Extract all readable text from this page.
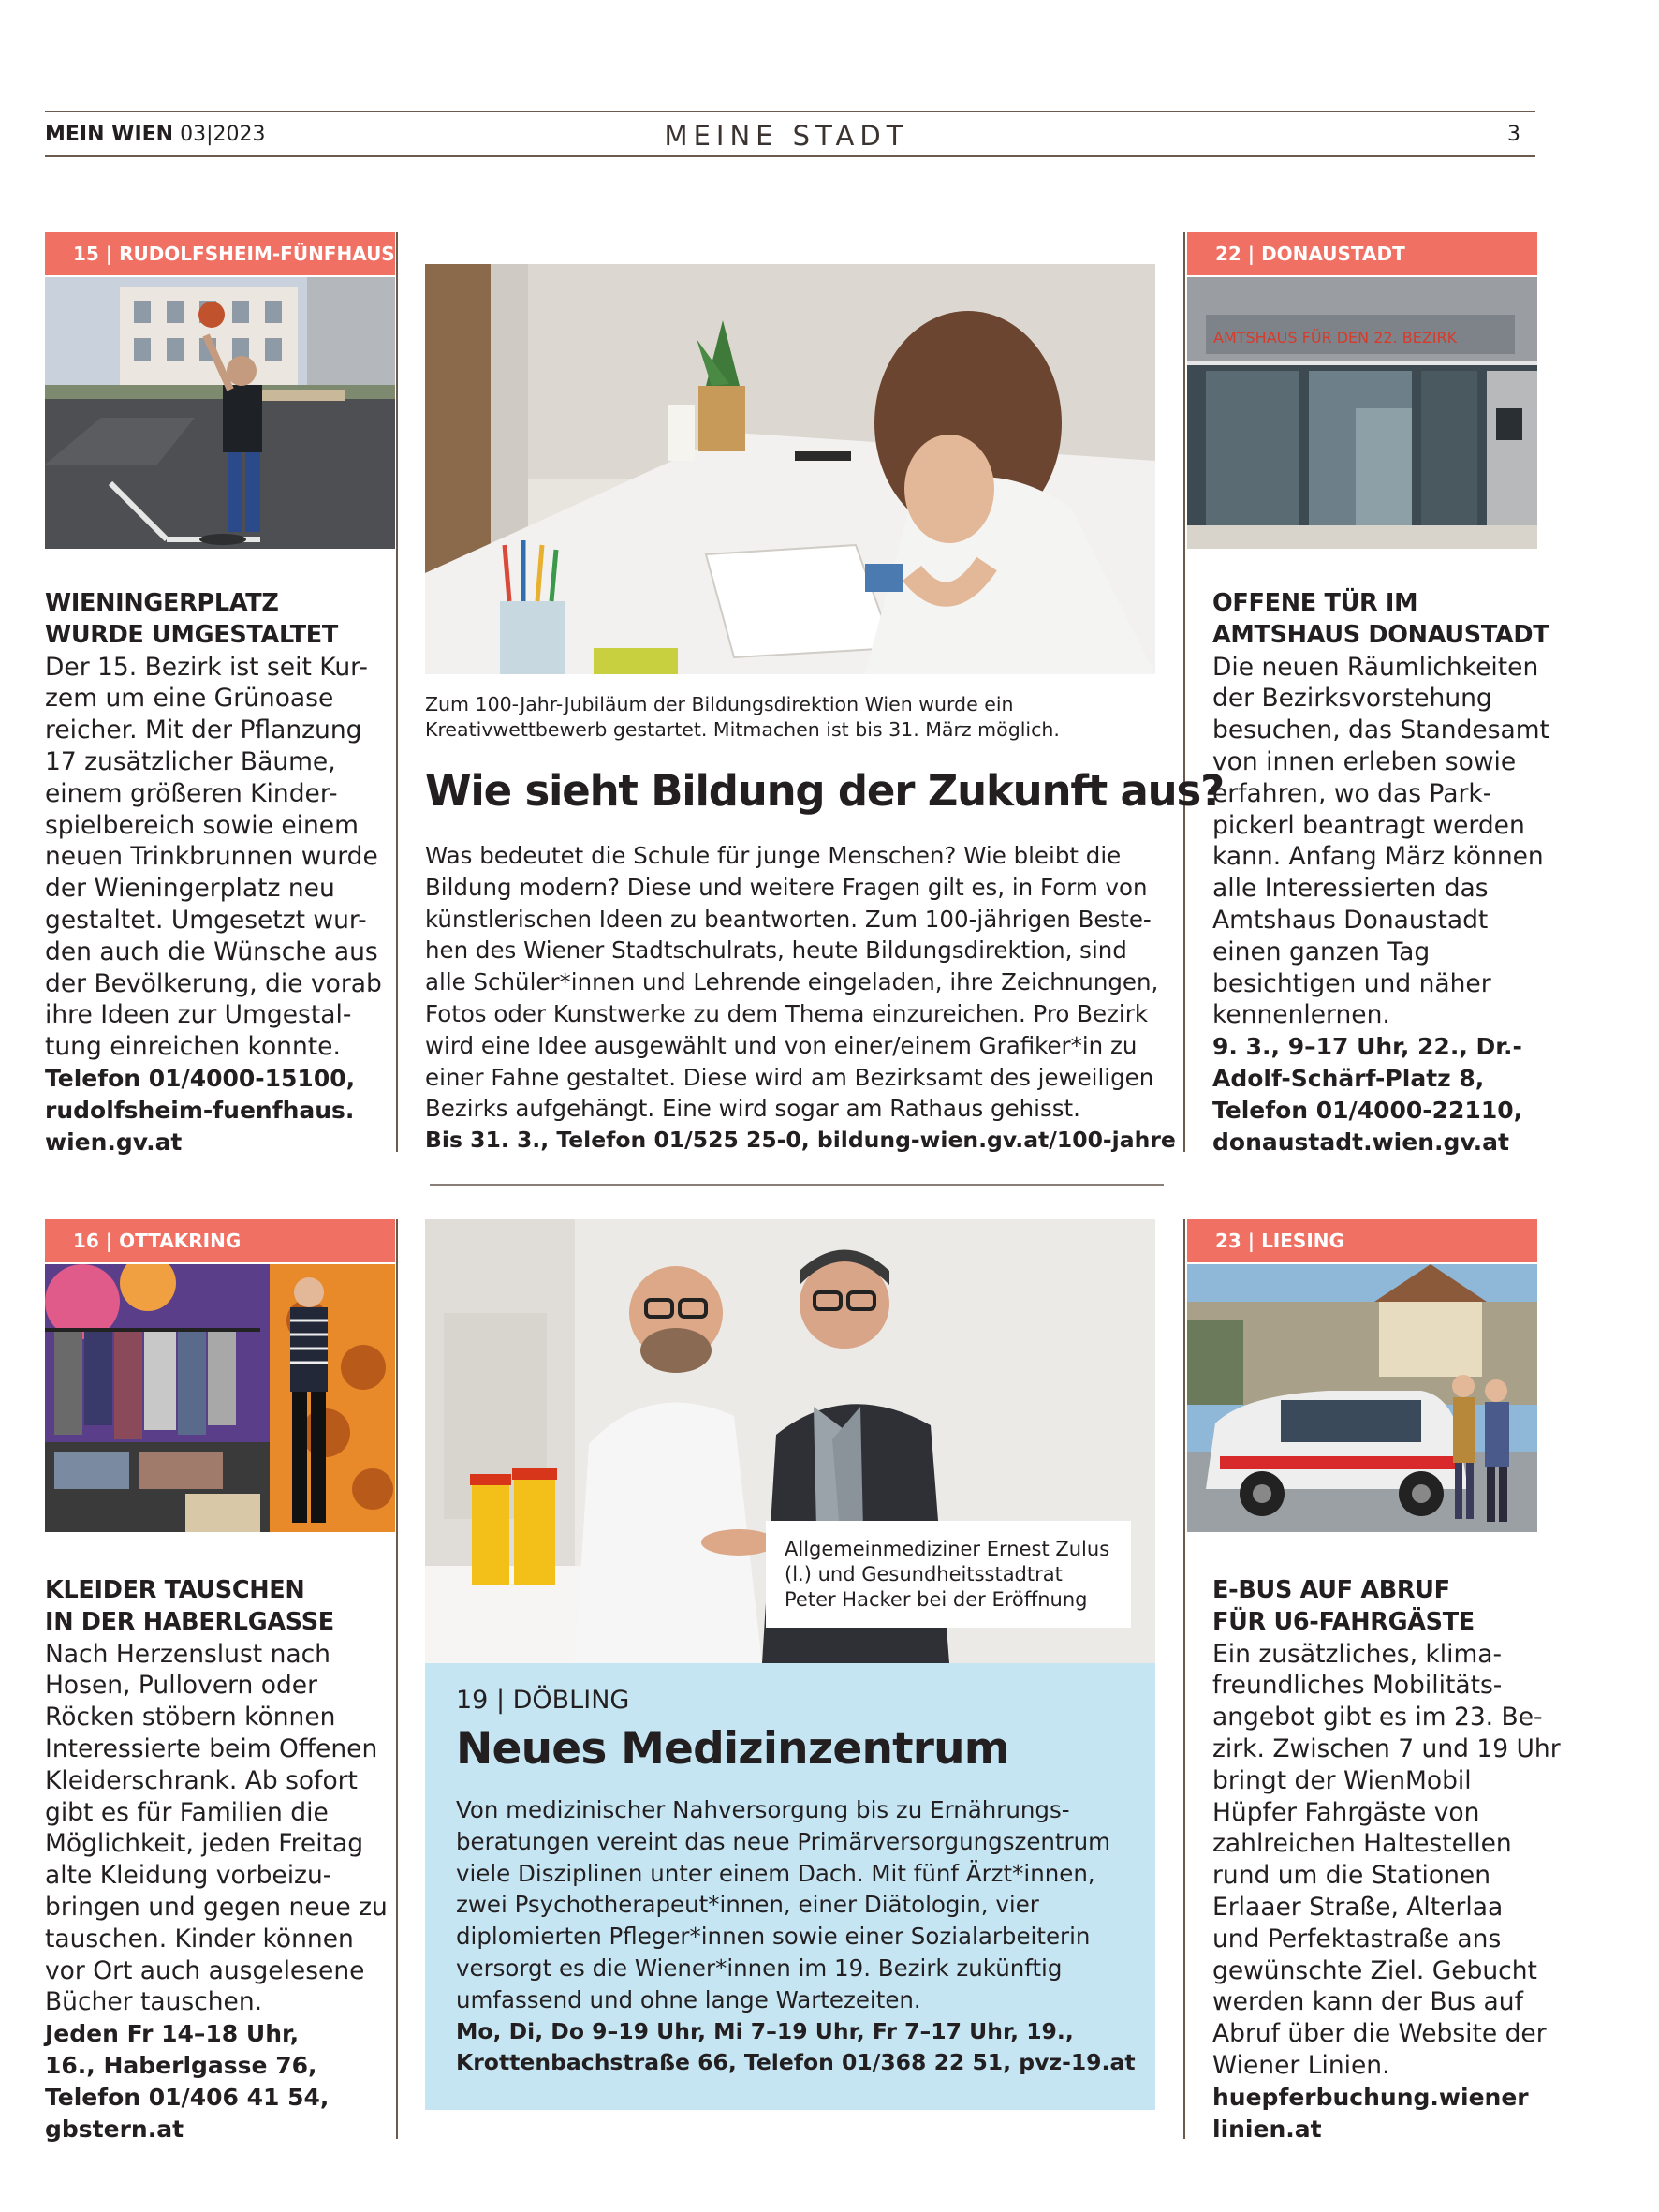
MEIN WIEN 03|2023	MEINE STADT	3
15 | RUDOLFSHEIM-FÜNFHAUS
WIENINGERPLATZ
WURDE UMGESTALTET
Der 15. Bezirk ist seit Kur-
zem um eine Grünoase
reicher. Mit der Pflanzung
17 zusätzlicher Bäume,
einem größeren Kinder-
spielbereich sowie einem
neuen Trinkbrunnen wurde
der Wieningerplatz neu
gestaltet. Umgesetzt wur-
den auch die Wünsche aus
der Bevölkerung, die vorab
ihre Ideen zur Umgestal-
tung einreichen konnte.
Telefon 01/4000-15100,
rudolfsheim-fuenfhaus.
wien.gv.at
Zum 100-Jahr-Jubiläum der Bildungsdirektion Wien wurde ein
Kreativwettbewerb gestartet. Mitmachen ist bis 31. März möglich.
Wie sieht Bildung der Zukunft aus?
Was bedeutet die Schule für junge Menschen? Wie bleibt die
Bildung modern? Diese und weitere Fragen gilt es, in Form von
künstlerischen Ideen zu beantworten. Zum 100-jährigen Beste-
hen des Wiener Stadtschulrats, heute Bildungsdirektion, sind
alle Schüler*innen und Lehrende eingeladen, ihre Zeichnungen,
Fotos oder Kunstwerke zu dem Thema einzureichen. Pro Bezirk
wird eine Idee ausgewählt und von einer/einem Grafiker*in zu
einer Fahne gestaltet. Diese wird am Bezirksamt des jeweiligen
Bezirks aufgehängt. Eine wird sogar am Rathaus gehisst.
Bis 31. 3., Telefon 01/525 25-0, bildung-wien.gv.at/100-jahre
22 | DONAUSTADT
AMTSHAUS FÜR DEN 22. BEZIRK
OFFENE TÜR IM
AMTSHAUS DONAUSTADT
Die neuen Räumlichkeiten
der Bezirksvorstehung
besuchen, das Standesamt
von innen erleben sowie
erfahren, wo das Park-
pickerl beantragt werden
kann. Anfang März können
alle Interessierten das
Amtshaus Donaustadt
einen ganzen Tag
besichtigen und näher
kennenlernen.
9. 3., 9–17 Uhr, 22., Dr.-
Adolf-Schärf-Platz 8,
Telefon 01/4000-22110,
donaustadt.wien.gv.at
16 | OTTAKRING
KLEIDER TAUSCHEN
IN DER HABERLGASSE
Nach Herzenslust nach
Hosen, Pullovern oder
Röcken stöbern können
Interessierte beim Offenen
Kleiderschrank. Ab sofort
gibt es für Familien die
Möglichkeit, jeden Freitag
alte Kleidung vorbeizu-
bringen und gegen neue zu
tauschen. Kinder können
vor Ort auch ausgelesene
Bücher tauschen.
Jeden Fr 14–18 Uhr,
16., Haberlgasse 76,
Telefon 01/406 41 54,
gbstern.at
Allgemeinmediziner Ernest Zulus
(l.) und Gesundheitsstadtrat
Peter Hacker bei der Eröffnung
19 | DÖBLING
Neues Medizinzentrum
Von medizinischer Nahversorgung bis zu Ernährungs-
beratungen vereint das neue Primärversorgungszentrum
viele Disziplinen unter einem Dach. Mit fünf Ärzt*innen,
zwei Psychotherapeut*innen, einer Diätologin, vier
diplomierten Pfleger*innen sowie einer Sozialarbeiterin
versorgt es die Wiener*innen im 19. Bezirk zukünftig
umfassend und ohne lange Wartezeiten.
Mo, Di, Do 9–19 Uhr, Mi 7–19 Uhr, Fr 7–17 Uhr, 19.,
Krottenbachstraße 66, Telefon 01/368 22 51, pvz-19.at
23 | LIESING
E-BUS AUF ABRUF
FÜR U6-FAHRGÄSTE
Ein zusätzliches, klima-
freundliches Mobilitäts-
angebot gibt es im 23. Be-
zirk. Zwischen 7 und 19 Uhr
bringt der WienMobil
Hüpfer Fahrgäste von
zahlreichen Haltestellen
rund um die Stationen
Erlaaer Straße, Alterlaa
und Perfektastraße ans
gewünschte Ziel. Gebucht
werden kann der Bus auf
Abruf über die Website der
Wiener Linien.
huepferbuchung.wiener
linien.at
